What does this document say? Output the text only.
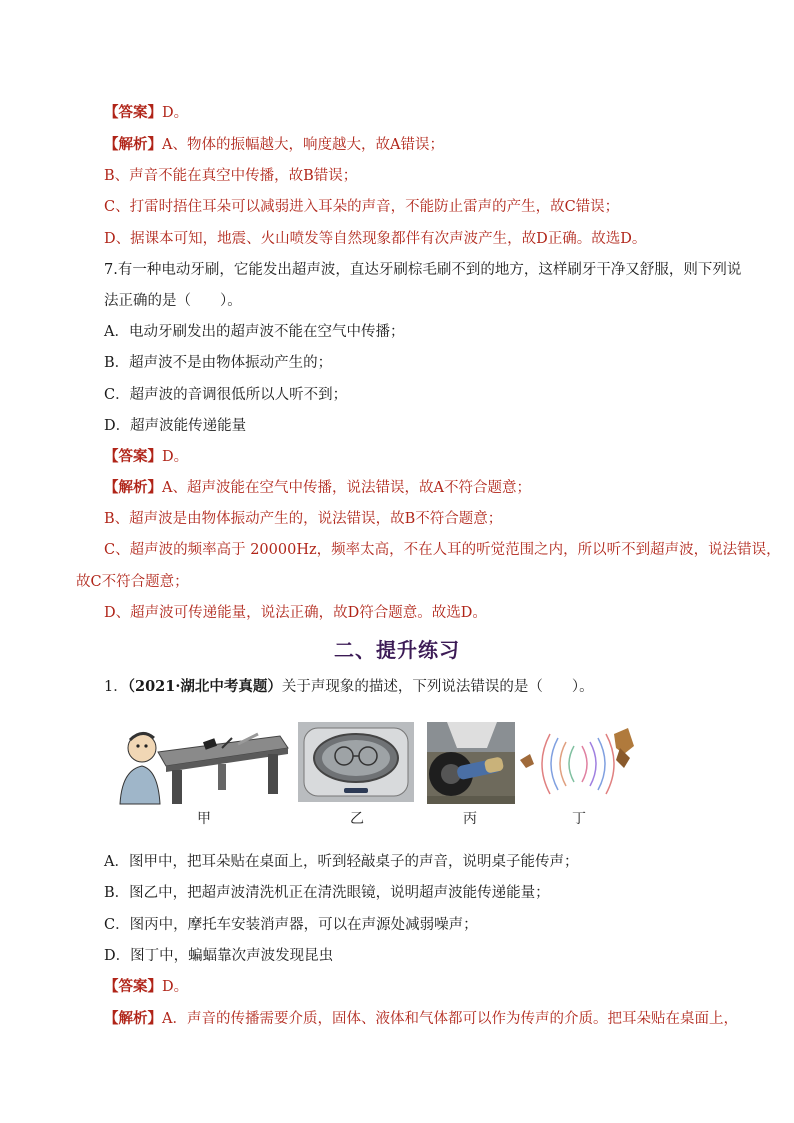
【答案】D。
【解析】A、物体的振幅越大，响度越大，故A错误；
B、声音不能在真空中传播，故B错误；
C、打雷时捂住耳朵可以减弱进入耳朵的声音，不能防止雷声的产生，故C错误；
D、据课本可知，地震、火山喷发等自然现象都伴有次声波产生，故D正确。故选D。
7.有一种电动牙刷，它能发出超声波，直达牙刷棕毛刷不到的地方，这样刷牙干净又舒服，则下列说
法正确的是（　　）。
A．电动牙刷发出的超声波不能在空气中传播；
B．超声波不是由物体振动产生的；
C．超声波的音调很低所以人听不到；
D．超声波能传递能量
【答案】D。
【解析】A、超声波能在空气中传播，说法错误，故A不符合题意；
B、超声波是由物体振动产生的，说法错误，故B不符合题意；
C、超声波的频率高于 20000Hz，频率太高，不在人耳的听觉范围之内，所以听不到超声波，说法错误，
故C不符合题意；
D、超声波可传递能量，说法正确，故D符合题意。故选D。
二、提升练习
1．（2021·湖北中考真题）关于声现象的描述，下列说法错误的是（　　）。
甲	乙	丙	丁
A．图甲中，把耳朵贴在桌面上，听到轻敲桌子的声音，说明桌子能传声；
B．图乙中，把超声波清洗机正在清洗眼镜，说明超声波能传递能量；
C．图丙中，摩托车安装消声器，可以在声源处减弱噪声；
D．图丁中，蝙蝠靠次声波发现昆虫
【答案】D。
【解析】A．声音的传播需要介质，固体、液体和气体都可以作为传声的介质。把耳朵贴在桌面上，
